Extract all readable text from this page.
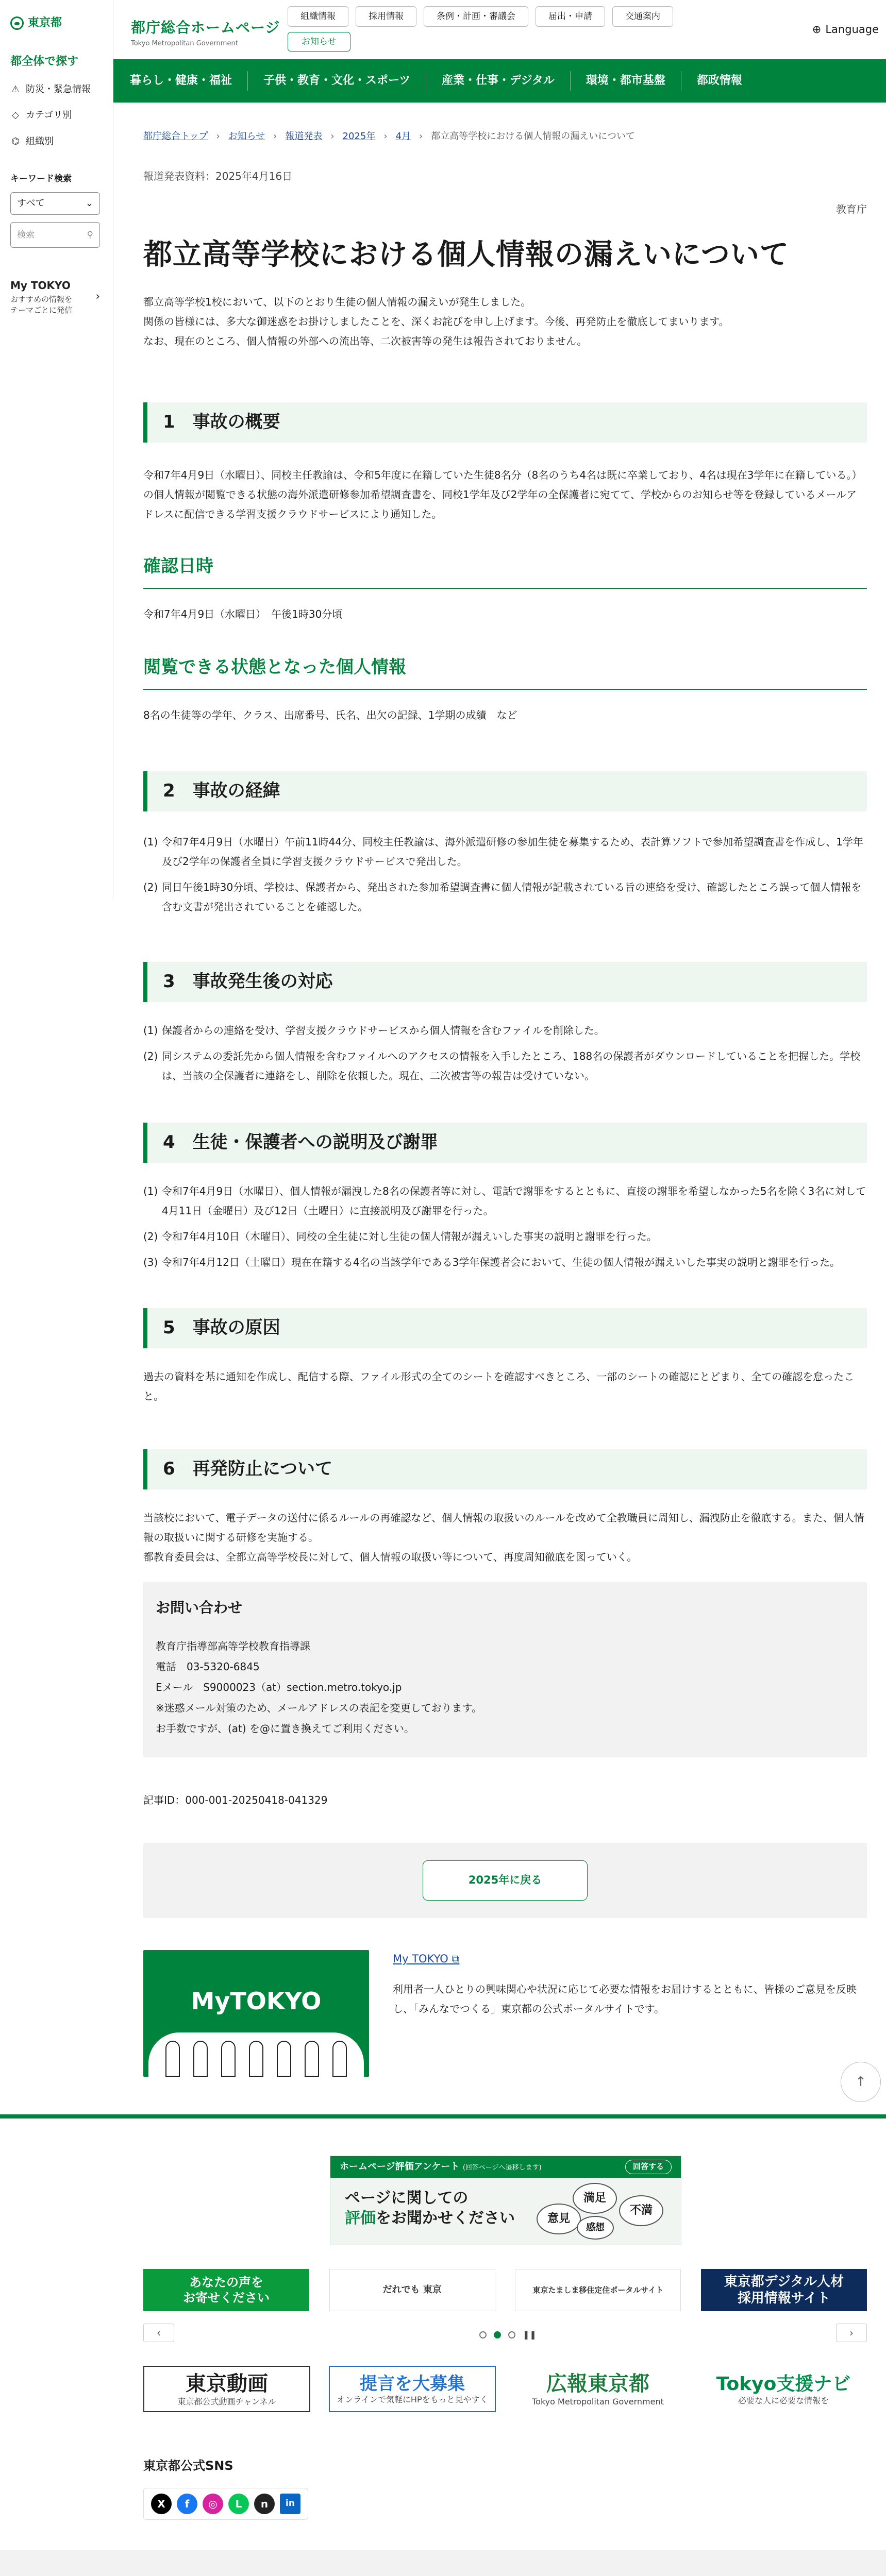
東京都
都全体で探す
⚠ 防災・緊急情報
◇ カテゴリ別
⌬ 組織別
キーワード検索
すべて	⌄
検索	⚲
My TOKYO
おすすめの情報を
テーマごとに発信
›
都庁総合ホームページ
Tokyo Metropolitan Government
組織情報	採用情報	条例・計画・審議会	届出・申請	交通案内
お知らせ
⊕ Language
暮らし・健康・福祉	子供・教育・文化・スポーツ	産業・仕事・デジタル	環境・都市基盤	都政情報
都庁総合トップ › お知らせ › 報道発表 › 2025年 › 4月 › 都立高等学校における個人情報の漏えいについて
報道発表資料：2025年4月16日
教育庁
都立高等学校における個人情報の漏えいについて
都立高等学校1校において、以下のとおり生徒の個人情報の漏えいが発生しました。
関係の皆様には、多大な御迷惑をお掛けしましたことを、深くお詫びを申し上げます。今後、再発防止を徹底してまいります。
なお、現在のところ、個人情報の外部への流出等、二次被害等の発生は報告されておりません。
1 事故の概要

令和7年4月9日（水曜日）、同校主任教諭は、令和5年度に在籍していた生徒8名分（8名のうち4名は既に卒業しており、4名は現在3学年に在籍している。）の個人情報が閲覧できる状態の海外派遣研修参加希望調査書を、同校1学年及び2学年の全保護者に宛てて、学校からのお知らせ等を登録しているメールアドレスに配信できる学習支援クラウドサービスにより通知した。

確認日時

令和7年4月9日（水曜日）　午後1時30分頃

閲覧できる状態となった個人情報

8名の生徒等の学年、クラス、出席番号、氏名、出欠の記録、1学期の成績　など

2 事故の経緯
(1) 令和7年4月9日（水曜日）午前11時44分、同校主任教諭は、海外派遣研修の参加生徒を募集するため、表計算ソフトで参加希望調査書を作成し、1学年及び2学年の保護者全員に学習支援クラウドサービスで発出した。
(2) 同日午後1時30分頃、学校は、保護者から、発出された参加希望調査書に個人情報が記載されている旨の連絡を受け、確認したところ誤って個人情報を含む文書が発出されていることを確認した。
3 事故発生後の対応
(1) 保護者からの連絡を受け、学習支援クラウドサービスから個人情報を含むファイルを削除した。
(2) 同システムの委託先から個人情報を含むファイルへのアクセスの情報を入手したところ、188名の保護者がダウンロードしていることを把握した。学校は、当該の全保護者に連絡をし、削除を依頼した。現在、二次被害等の報告は受けていない。
4 生徒・保護者への説明及び謝罪
(1) 令和7年4月9日（水曜日）、個人情報が漏洩した8名の保護者等に対し、電話で謝罪をするとともに、直接の謝罪を希望しなかった5名を除く3名に対して4月11日（金曜日）及び12日（土曜日）に直接説明及び謝罪を行った。
(2) 令和7年4月10日（木曜日）、同校の全生徒に対し生徒の個人情報が漏えいした事実の説明と謝罪を行った。
(3) 令和7年4月12日（土曜日）現在在籍する4名の当該学年である3学年保護者会において、生徒の個人情報が漏えいした事実の説明と謝罪を行った。
5 事故の原因

過去の資料を基に通知を作成し、配信する際、ファイル形式の全てのシートを確認すべきところ、一部のシートの確認にとどまり、全ての確認を怠ったこと。

6 再発防止について

当該校において、電子データの送付に係るルールの再確認など、個人情報の取扱いのルールを改めて全教職員に周知し、漏洩防止を徹底する。また、個人情報の取扱いに関する研修を実施する。

都教育委員会は、全都立高等学校長に対して、個人情報の取扱い等について、再度周知徹底を図っていく。

お問い合わせ
教育庁指導部高等学校教育指導課
電話　03-5320-6845
Eメール　S9000023（at）section.metro.tokyo.jp
※迷惑メール対策のため、メールアドレスの表記を変更しております。
お手数ですが、(at) を@に置き換えてご利用ください。
記事ID：000-001-20250418-041329
2025年に戻る
MyTOKYO
My TOKYO ⧉

利用者一人ひとりの興味関心や状況に応じて必要な情報をお届けするとともに、皆様のご意見を反映し、「みんなでつくる」東京都の公式ポータルサイトです。

↑
ホームページ評価アンケート (回答ページへ遷移します)	回答する
ページに関しての
評価をお聞かせください
満足
意見
不満
感想
あなたの声を
お寄せください
だれでも 東京	東京たましま移住定住ポータルサイト
東京都デジタル人材
採用情報サイト
‹	›
❚❚
東京動画
東京都公式動画チャンネル
提言を大募集
オンラインで気軽にHPをもっと見やすく
広報東京都
Tokyo Metropolitan Government
Tokyo支援ナビ
必要な人に必要な情報を
東京都公式SNS
X	f	◎	L	n	in
